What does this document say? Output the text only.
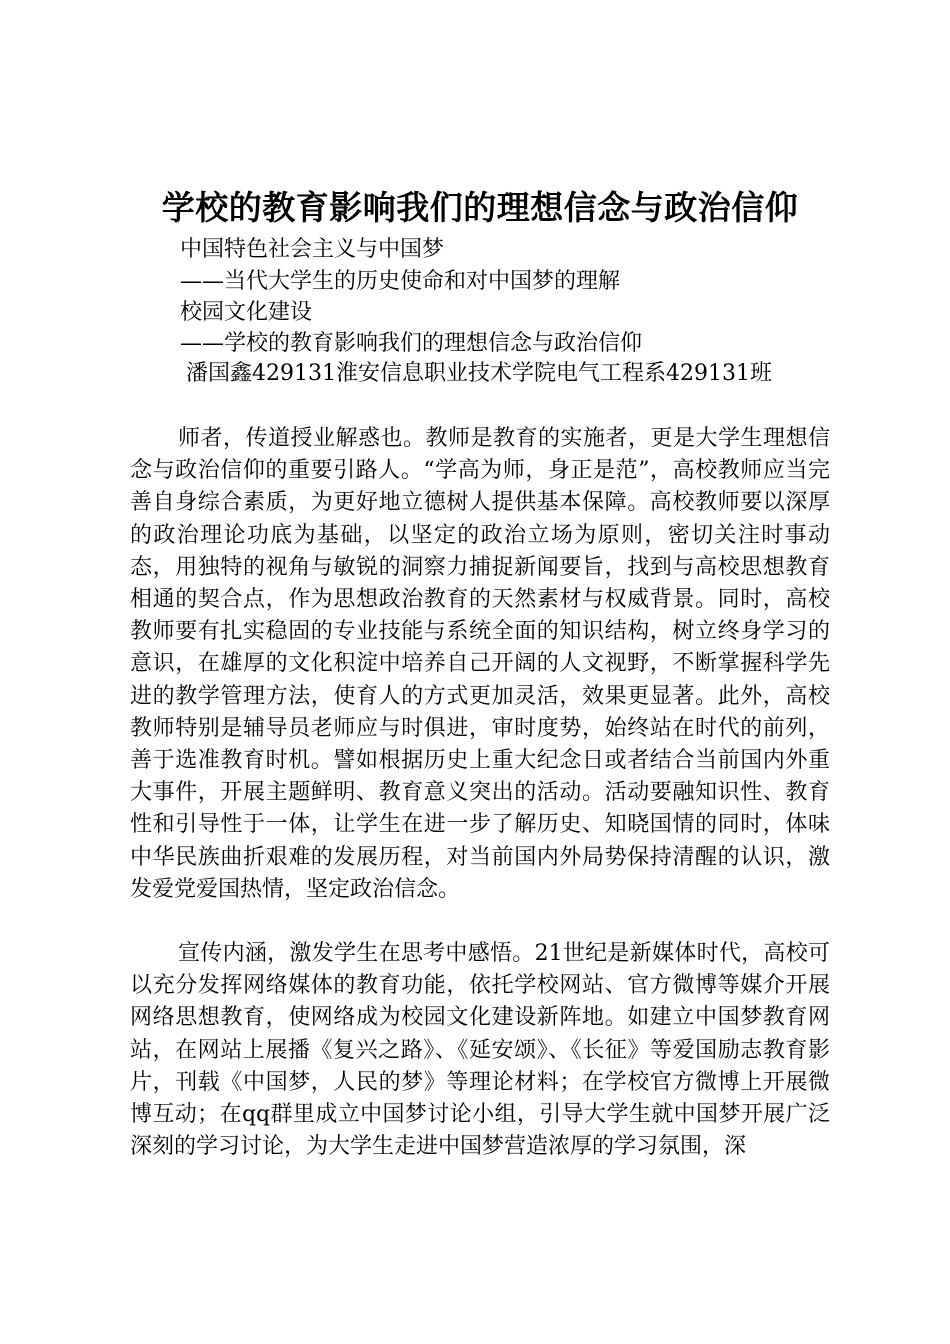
学校的教育影响我们的理想信念与政治信仰
中国特色社会主义与中国梦
——当代大学生的历史使命和对中国梦的理解
校园文化建设
——学校的教育影响我们的理想信念与政治信仰

潘国鑫429131淮安信息职业技术学院电气工程系429131班

师者，传道授业解惑也。教师是教育的实施者，更是大学生理想信念与政治信仰的重要引路人。“学高为师，身正是范”，高校教师应当完善自身综合素质，为更好地立德树人提供基本保障。高校教师要以深厚的政治理论功底为基础，以坚定的政治立场为原则，密切关注时事动态，用独特的视角与敏锐的洞察力捕捉新闻要旨，找到与高校思想教育相通的契合点，作为思想政治教育的天然素材与权威背景。同时，高校教师要有扎实稳固的专业技能与系统全面的知识结构，树立终身学习的意识，在雄厚的文化积淀中培养自己开阔的人文视野，不断掌握科学先进的教学管理方法，使育人的方式更加灵活，效果更显著。此外，高校教师特别是辅导员老师应与时俱进，审时度势，始终站在时代的前列，善于选准教育时机。譬如根据历史上重大纪念日或者结合当前国内外重大事件，开展主题鲜明、教育意义突出的活动。活动要融知识性、教育性和引导性于一体，让学生在进一步了解历史、知晓国情的同时，体味中华民族曲折艰难的发展历程，对当前国内外局势保持清醒的认识，激发爱党爱国热情，坚定政治信念。

宣传内涵，激发学生在思考中感悟。21世纪是新媒体时代，高校可以充分发挥网络媒体的教育功能，依托学校网站、官方微博等媒介开展网络思想教育，使网络成为校园文化建设新阵地。如建立中国梦教育网站，在网站上展播《复兴之路》、《延安颂》、《长征》等爱国励志教育影片，刊载《中国梦，人民的梦》等理论材料；在学校官方微博上开展微博互动；在qq群里成立中国梦讨论小组，引导大学生就中国梦开展广泛深刻的学习讨论，为大学生走进中国梦营造浓厚的学习氛围，深
